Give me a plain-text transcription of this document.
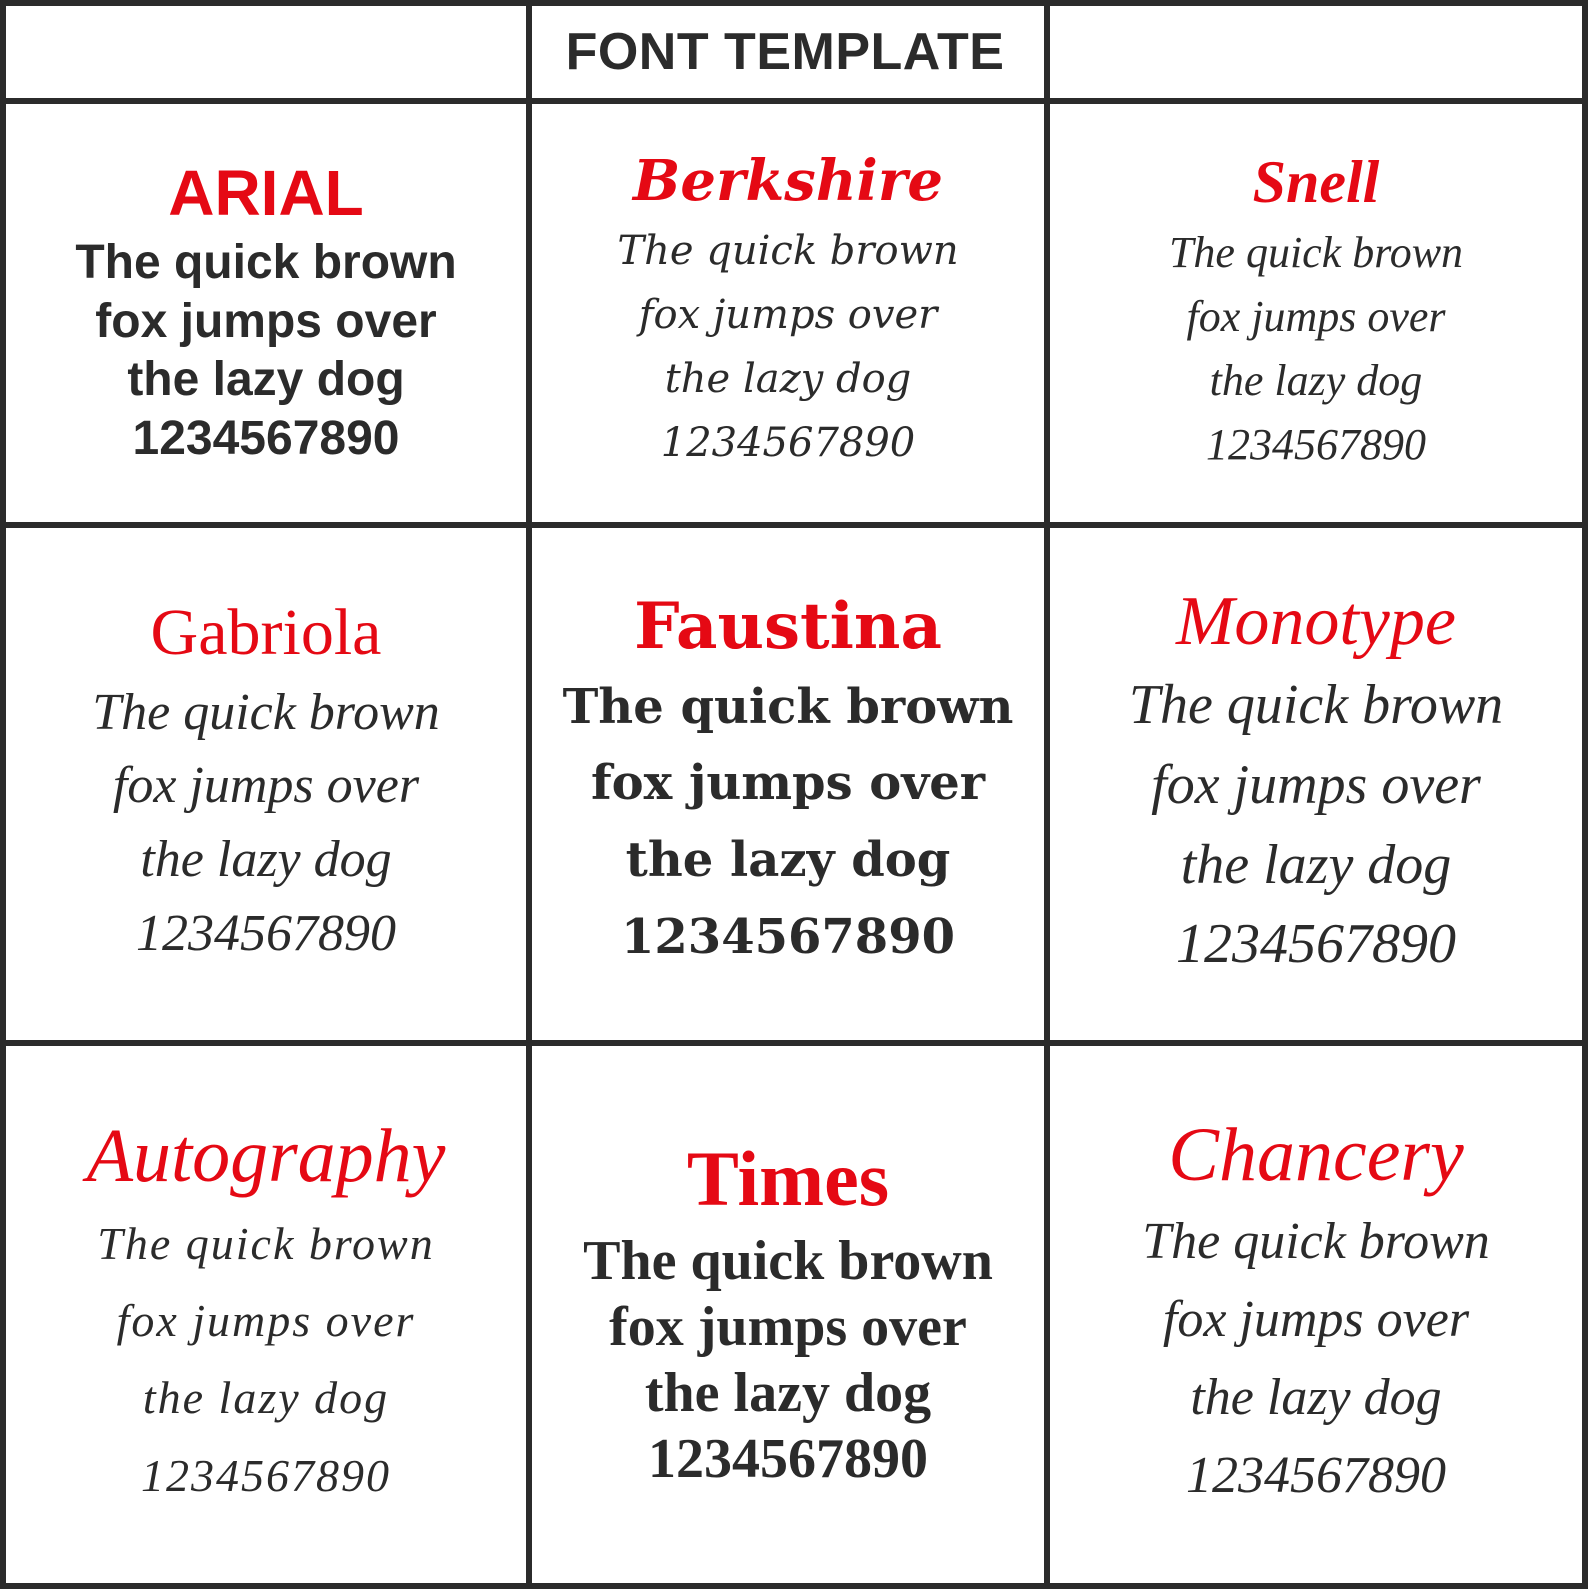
FONT TEMPLATE
ARIAL
The quick brown
fox jumps over
the lazy dog
1234567890
Berkshire
The quick brown
fox jumps over
the lazy dog
1234567890
Snell
The quick brown
fox jumps over
the lazy dog
1234567890
Gabriola
The quick brown
fox jumps over
the lazy dog
1234567890
Faustina
The quick brown
fox jumps over
the lazy dog
1234567890
Monotype
The quick brown
fox jumps over
the lazy dog
1234567890
Autography
The quick brown
fox jumps over
the lazy dog
1234567890
Times
The quick brown
fox jumps over
the lazy dog
1234567890
Chancery
The quick brown
fox jumps over
the lazy dog
1234567890
